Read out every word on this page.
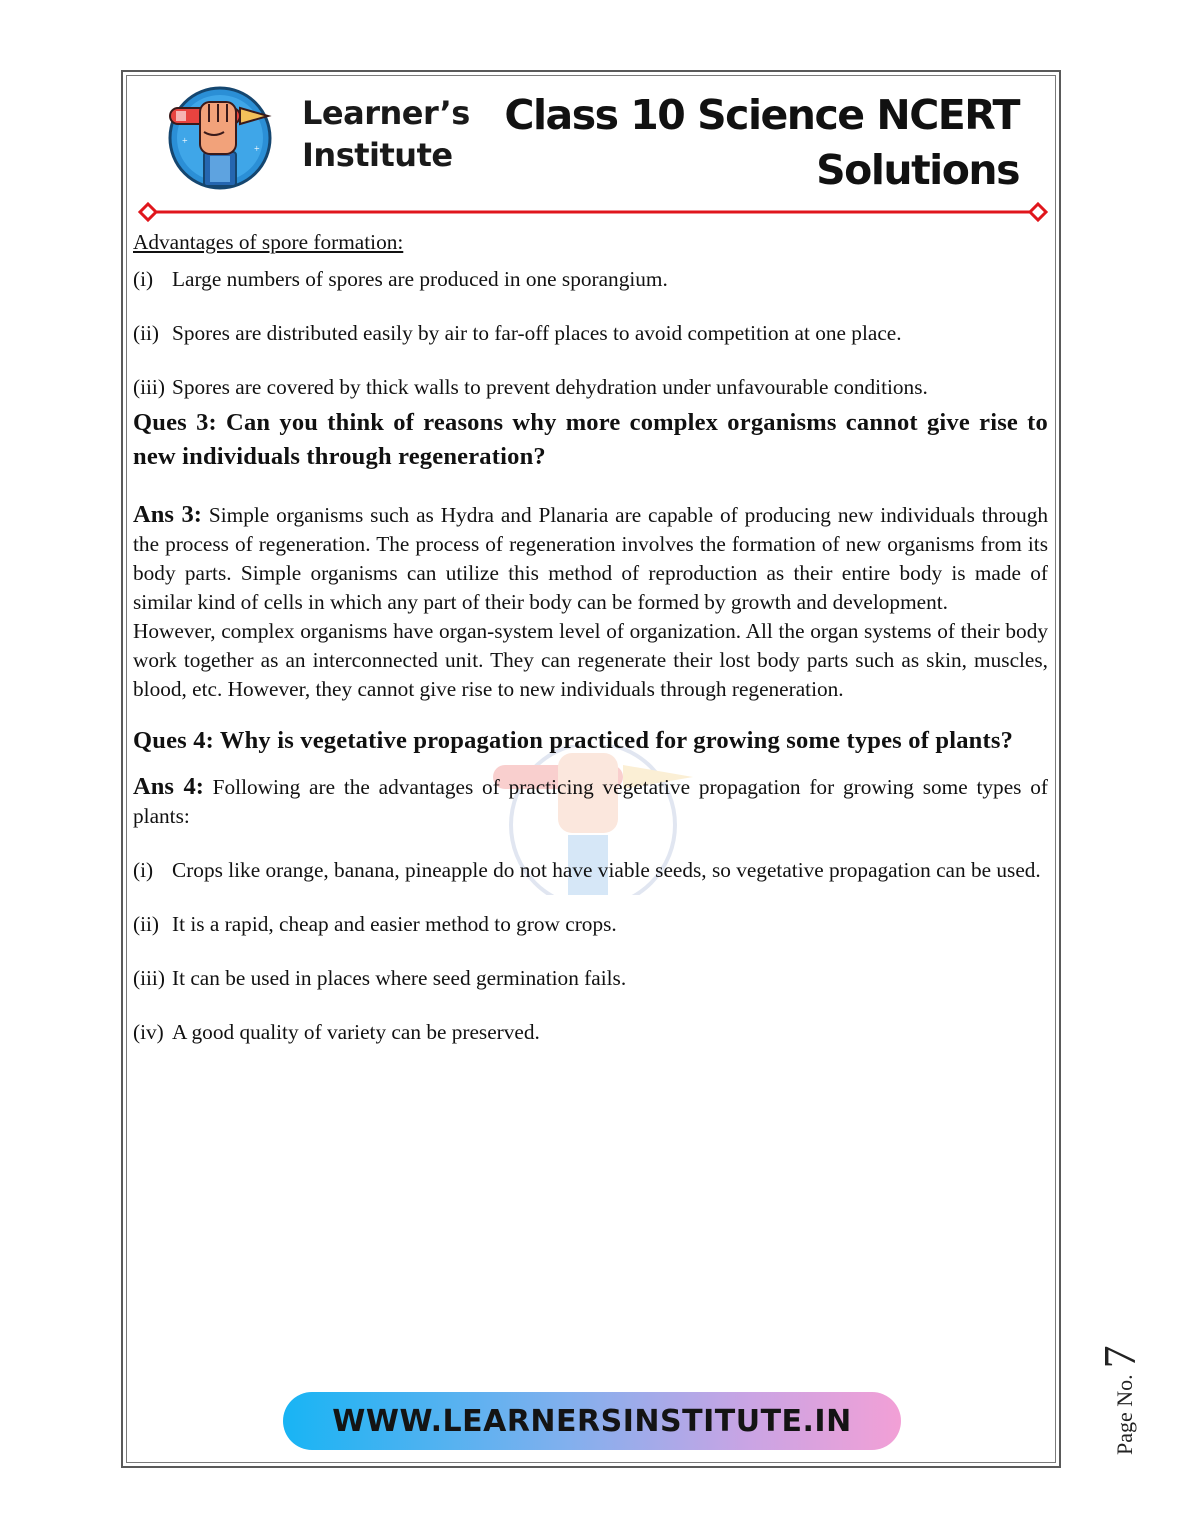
+
+
Learner’s
Institute
Class 10 Science NCERT
Solutions

Advantages of spore formation:

(i) Large numbers of spores are produced in one sporangium.
(ii) Spores are distributed easily by air to far-off places to avoid competition at one place.
(iii) Spores are covered by thick walls to prevent dehydration under unfavourable conditions.

Ques 3: Can you think of reasons why more complex organisms cannot give rise to new individuals through regeneration?

Ans 3: Simple organisms such as Hydra and Planaria are capable of producing new individuals through the process of regeneration. The process of regeneration involves the formation of new organisms from its body parts. Simple organisms can utilize this method of reproduction as their entire body is made of similar kind of cells in which any part of their body can be formed by growth and development.

However, complex organisms have organ-system level of organization. All the organ systems of their body work together as an interconnected unit. They can regenerate their lost body parts such as skin, muscles, blood, etc. However, they cannot give rise to new individuals through regeneration.

Ques 4: Why is vegetative propagation practiced for growing some types of plants?

Ans 4: Following are the advantages of practicing vegetative propagation for growing some types of plants:

(i) Crops like orange, banana, pineapple do not have viable seeds, so vegetative propagation can be used.
(ii) It is a rapid, cheap and easier method to grow crops.
(iii) It can be used in places where seed germination fails.
(iv) A good quality of variety can be preserved.
WWW.LEARNERSINSTITUTE.IN	Page No.7
